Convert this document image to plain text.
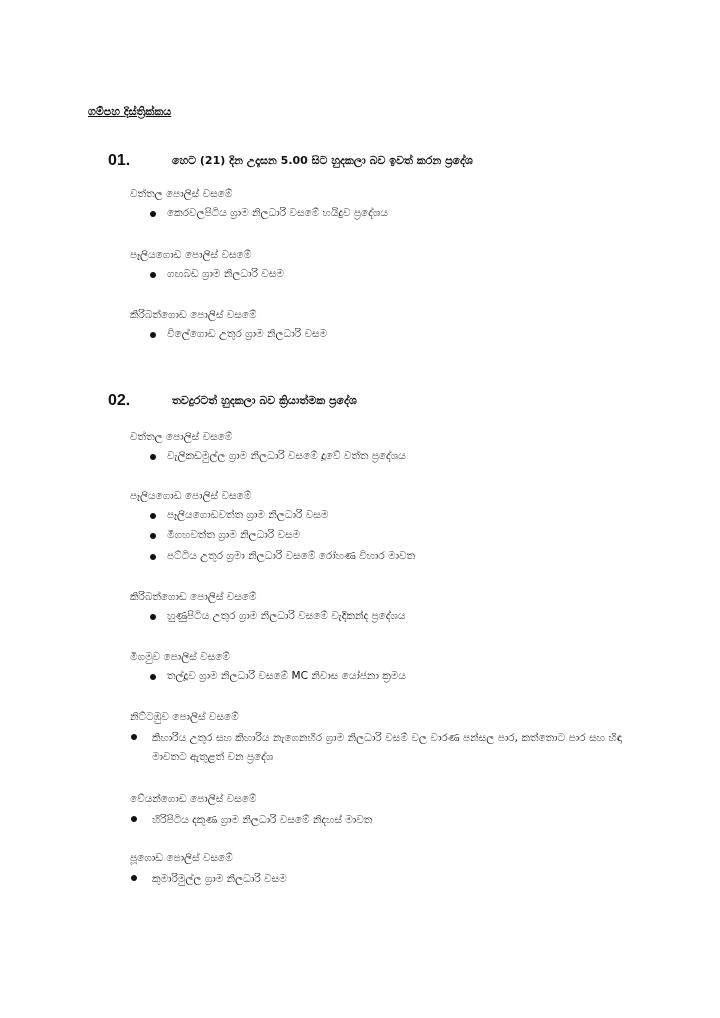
ගම්පහ දිස්ත්‍රික්කය
01.	හෙට (21) දින උදෑසන 5.00 සිට හුදකලා බව ඉවත් කරන ප්‍රදේශ
වත්තල පොලිස් වසමේ
කෙරවලපිටිය ග්‍රාම නිලධාරි වසමේ හයිදුව ප්‍රදේශය
පෑලියගොඩ පොලිස් වසමේ
ගඟබඩ ග්‍රාම නිලධාරි වසම
කිරිබත්ගොඩ පොලිස් වසමේ
විලේගොඩ උතුර ග්‍රාම නිලධාරි වසම
02.	තවදුරටත් හුදකලා බව ක්‍රියාත්මක ප්‍රදේශ
වත්තල පොලිස් වසමේ
වැලිකඩමුල්ල ග්‍රාම නිලධාරි වසමේ දූවේ වත්ත ප්‍රදේශය
පෑලියගොඩ පොලිස් වසමේ
පෑලියගොඩවත්ත ග්‍රාම නිලධාරි වසම
මීගහවත්ත ග්‍රාම නිලධාරි වසම
පට්ටිය උතුර ග්‍රමා නිලධාරි වසමේ රෝහණ විහාර මාවත
කිරිබත්ගොඩ පොලිස් වසමේ
හුණුපිටිය උතුර ග්‍රාම නිලධාරි වසමේ වැදිකන්ද ප්‍රදේශය
මීගමුව පොලිස් වසමේ
තල්දූව ග්‍රාම නිලධාරි වසමේ MC නිවාස යෝජනා ක්‍රමය
නිට්ටඹුව පොලිස් වසමේ
කිහාරිය උතුර සහ කිහාරිය නැගෙනහිර ග්‍රාම නිලධාරි වසම් වල වාරණ පන්සල පාර, කත්තොට පාර සහ හිඳා මාවතට ඇතුළත් වන ප්‍රදේශ
වේයන්ගොඩ පොලිස් වසමේ
හිරිපිටිය දකුණ ග්‍රාම නිලධාරි වසමේ නිදහස් මාවත
පූගොඩ පොලිස් වසමේ
කුමාරිමුල්ල ග්‍රාම නිලධාරි වසම
